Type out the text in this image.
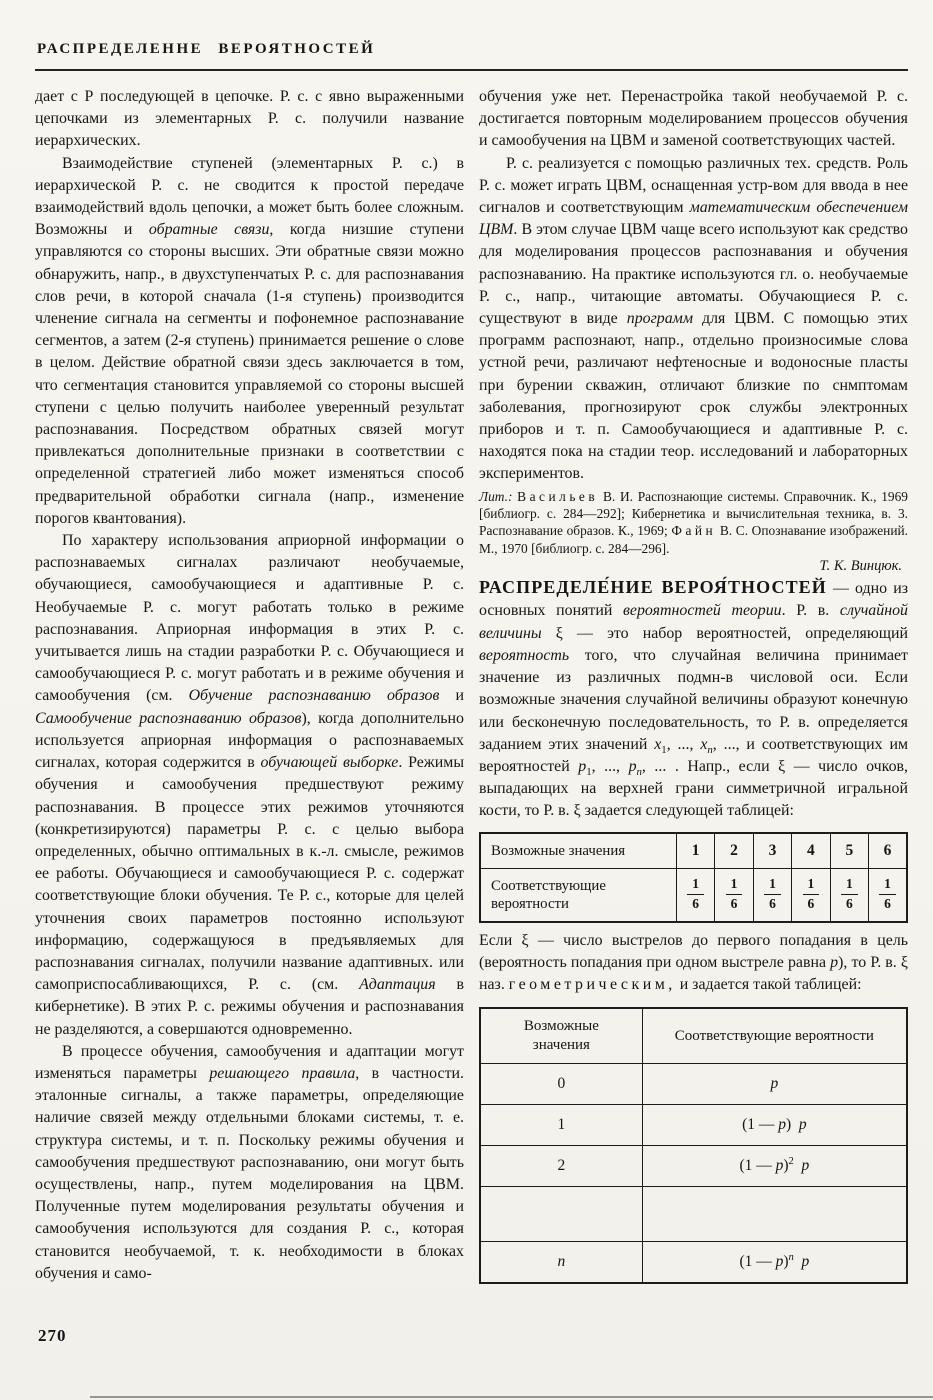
РАСПРЕДЕЛЕННЕ ВЕРОЯТНОСТЕЙ

дает с Р последующей в цепочке. Р. с. с явно выраженными цепочками из элементарных Р. с. получили название иерархических.

Взаимодействие ступеней (элементарных Р. с.) в иерархической Р. с. не сводится к простой передаче взаимодействий вдоль цепочки, а может быть более сложным. Возможны и обратные связи, когда низшие ступени управляются со стороны высших. Эти обратные связи можно обнаружить, напр., в двухступенчатых Р. с. для распознавания слов речи, в которой сначала (1-я ступень) производится членение сигнала на сегменты и пофонемное распознавание сегментов, а затем (2-я ступень) принимается решение о слове в целом. Действие обратной связи здесь заключается в том, что сегментация становится управляемой со стороны высшей ступени с целью получить наиболее уверенный результат распознавания. Посредством обратных связей могут привлекаться дополнительные признаки в соответствии с определенной стратегией либо может изменяться способ предварительной обработки сигнала (напр., изменение порогов квантования).

По характеру использования априорной информации о распознаваемых сигналах различают необучаемые, обучающиеся, самообучающиеся и адаптивные Р. с. Необучаемые Р. с. могут работать только в режиме распознавания. Априорная информация в этих Р. с. учитывается лишь на стадии разработки Р. с. Обучающиеся и самообучающиеся Р. с. могут работать и в режиме обучения и самообучения (см. Обучение распознаванию образов и Самообучение распознаванию образов), когда дополнительно используется априорная информация о распознаваемых сигналах, которая содержится в обучающей выборке. Режимы обучения и самообучения предшествуют режиму распознавания. В процессе этих режимов уточняются (конкретизируются) параметры Р. с. с целью выбора определенных, обычно оптимальных в к.-л. смысле, режимов ее работы. Обучающиеся и самообучающиеся Р. с. содержат соответствующие блоки обучения. Те Р. с., которые для целей уточнения своих параметров постоянно используют информацию, содержащуюся в предъявляемых для распознавания сигналах, получили название адаптивных. или самоприспосабливающихся, Р. с. (см. Адаптация в кибернетике). В этих Р. с. режимы обучения и распознавания не разделяются, а совершаются одновременно.

В процессе обучения, самообучения и адаптации могут изменяться параметры решающего правила, в частности. эталонные сигналы, а также параметры, определяющие наличие связей между отдельными блоками системы, т. е. структура системы, и т. п. Поскольку режимы обучения и самообучения предшествуют распознаванию, они могут быть осуществлены, напр., путем моделирования на ЦВМ. Полученные путем моделирования результаты обучения и самообучения используются для создания Р. с., которая становится необучаемой, т. к. необходимости в блоках обучения и само-

обучения уже нет. Перенастройка такой необучаемой Р. с. достигается повторным моделированием процессов обучения и самообучения на ЦВМ и заменой соответствующих частей.

Р. с. реализуется с помощью различных тех. средств. Роль Р. с. может играть ЦВМ, оснащенная устр-вом для ввода в нее сигналов и соответствующим математическим обеспечением ЦВМ. В этом случае ЦВМ чаще всего используют как средство для моделирования процессов распознавания и обучения распознаванию. На практике используются гл. о. необучаемые Р. с., напр., читающие автоматы. Обучающиеся Р. с. существуют в виде программ для ЦВМ. С помощью этих программ распознают, напр., отдельно произносимые слова устной речи, различают нефтеносные и водоносные пласты при бурении скважин, отличают близкие по снмптомам заболевания, прогнозируют срок службы электронных приборов и т. п. Самообучающиеся и адаптивные Р. с. находятся пока на стадии теор. исследований и лабораторных экспериментов.

Лит.: Васильев В. И. Распознающие системы. Справочник. К., 1969 [библиогр. с. 284—292]; Кибернетика и вычислительная техника, в. 3. Распознавание образов. К., 1969; Файн В. С. Опознавание изображений. М., 1970 [библиогр. с. 284—296].

Т. К. Винцюк.

РАСПРЕДЕЛЕ́НИЕ ВЕРОЯ́ТНОСТЕЙ — одно из основных понятий вероятностей теории. Р. в. случайной величины ξ — это набор вероятностей, определяющий вероятность того, что случайная величина принимает значение из различных подмн-в числовой оси. Если возможные значения случайной величины образуют конечную или бесконечную последовательность, то Р. в. определяется заданием этих значений $x_1$, ..., $x_n$, ..., и соответствующих им вероятностей $p_1$, ..., $p_n$, ... . Напр., если ξ — число очков, выпадающих на верхней грани симметричной игральной кости, то Р. в. ξ задается следующей таблицей:

Возможные значения	1	2	3	4	5	6
Соответствующие вероятности	$\frac{1}{6}$	$\frac{1}{6}$	$\frac{1}{6}$	$\frac{1}{6}$	$\frac{1}{6}$	$\frac{1}{6}$

Если ξ — число выстрелов до первого попадания в цель (вероятность попадания при одном выстреле равна p), то Р. в. ξ наз. геометрическим, и задается такой таблицей:

Возможные значения	Соответствующие вероятности
0	p
1	(1 — p) p
2	(1 — p)$^2$  p

n	(1 — p)$^n$  p
270
